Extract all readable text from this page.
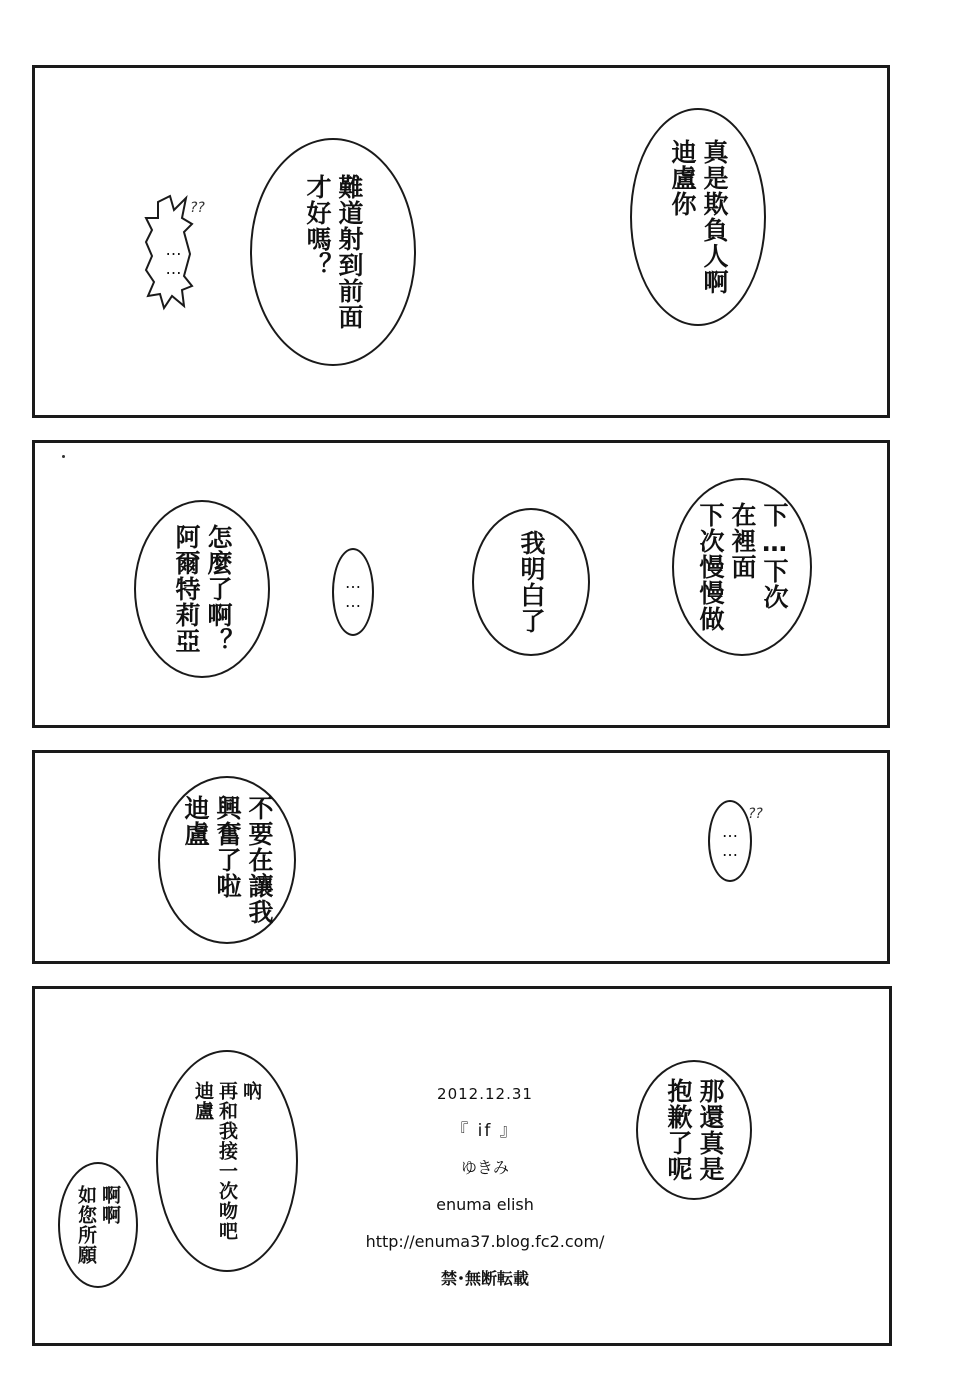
真是欺負人啊
迪盧你
難道射到前面
才好嗎？
……
??
下…下次
在裡面
下次慢慢做
我明白了
……
怎麼了啊？
阿爾特莉亞
不要在讓我
興奮了啦
迪盧	……
??
那還真是
抱歉了呢
吶
再和我接一次吻吧
迪盧
啊啊
如您所願
2012.12.31
『 if 』
ゆきみ
enuma elish
http://enuma37.blog.fc2.com/
禁･無断転載
